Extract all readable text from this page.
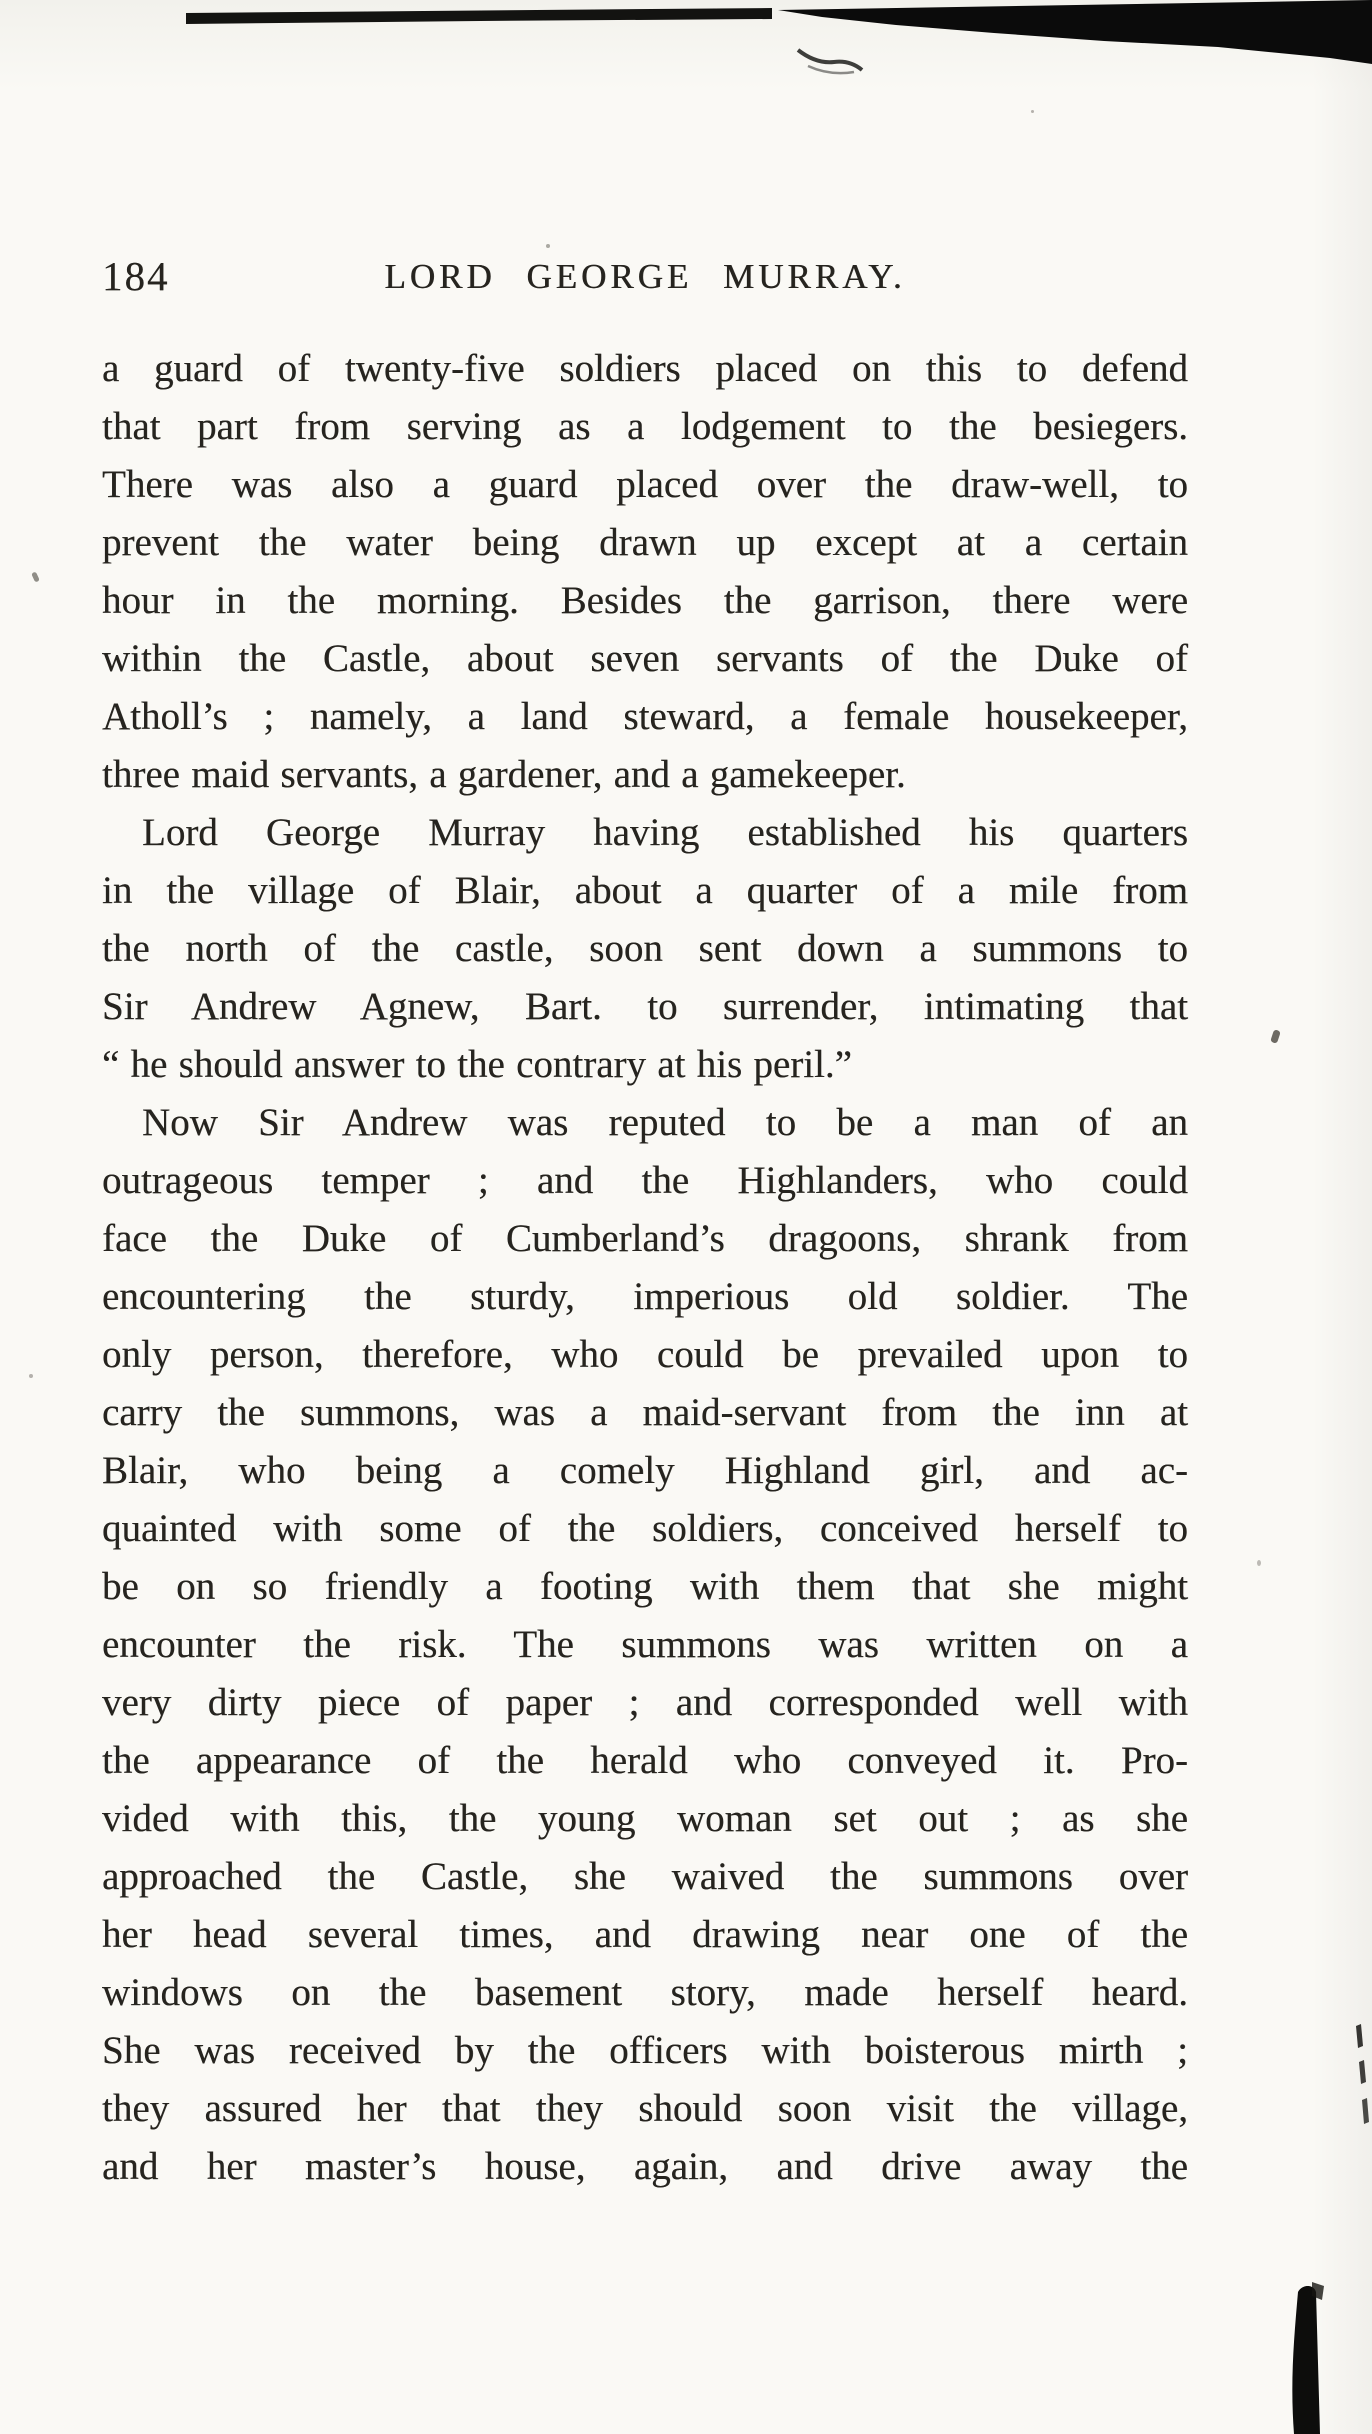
184	LORD GEORGE MURRAY.
a guard of twenty-five soldiers placed on this to defend
that part from serving as a lodgement to the besiegers.
There was also a guard placed over the draw-well, to
prevent the water being drawn up except at a certain
hour in the morning. Besides the garrison, there were
within the Castle, about seven servants of the Duke of
Atholl’s ; namely, a land steward, a female housekeeper,
three maid servants, a gardener, and a gamekeeper.
Lord George Murray having established his quarters
in the village of Blair, about a quarter of a mile from
the north of the castle, soon sent down a summons to
Sir Andrew Agnew, Bart. to surrender, intimating that
“ he should answer to the contrary at his peril.”
Now Sir Andrew was reputed to be a man of an
outrageous temper ; and the Highlanders, who could
face the Duke of Cumberland’s dragoons, shrank from
encountering the sturdy, imperious old soldier. The
only person, therefore, who could be prevailed upon to
carry the summons, was a maid-servant from the inn at
Blair, who being a comely Highland girl, and ac-
quainted with some of the soldiers, conceived herself to
be on so friendly a footing with them that she might
encounter the risk. The summons was written on a
very dirty piece of paper ; and corresponded well with
the appearance of the herald who conveyed it. Pro-
vided with this, the young woman set out ; as she
approached the Castle, she waived the summons over
her head several times, and drawing near one of the
windows on the basement story, made herself heard.
She was received by the officers with boisterous mirth ;
they assured her that they should soon visit the village,
and her master’s house, again, and drive away the
